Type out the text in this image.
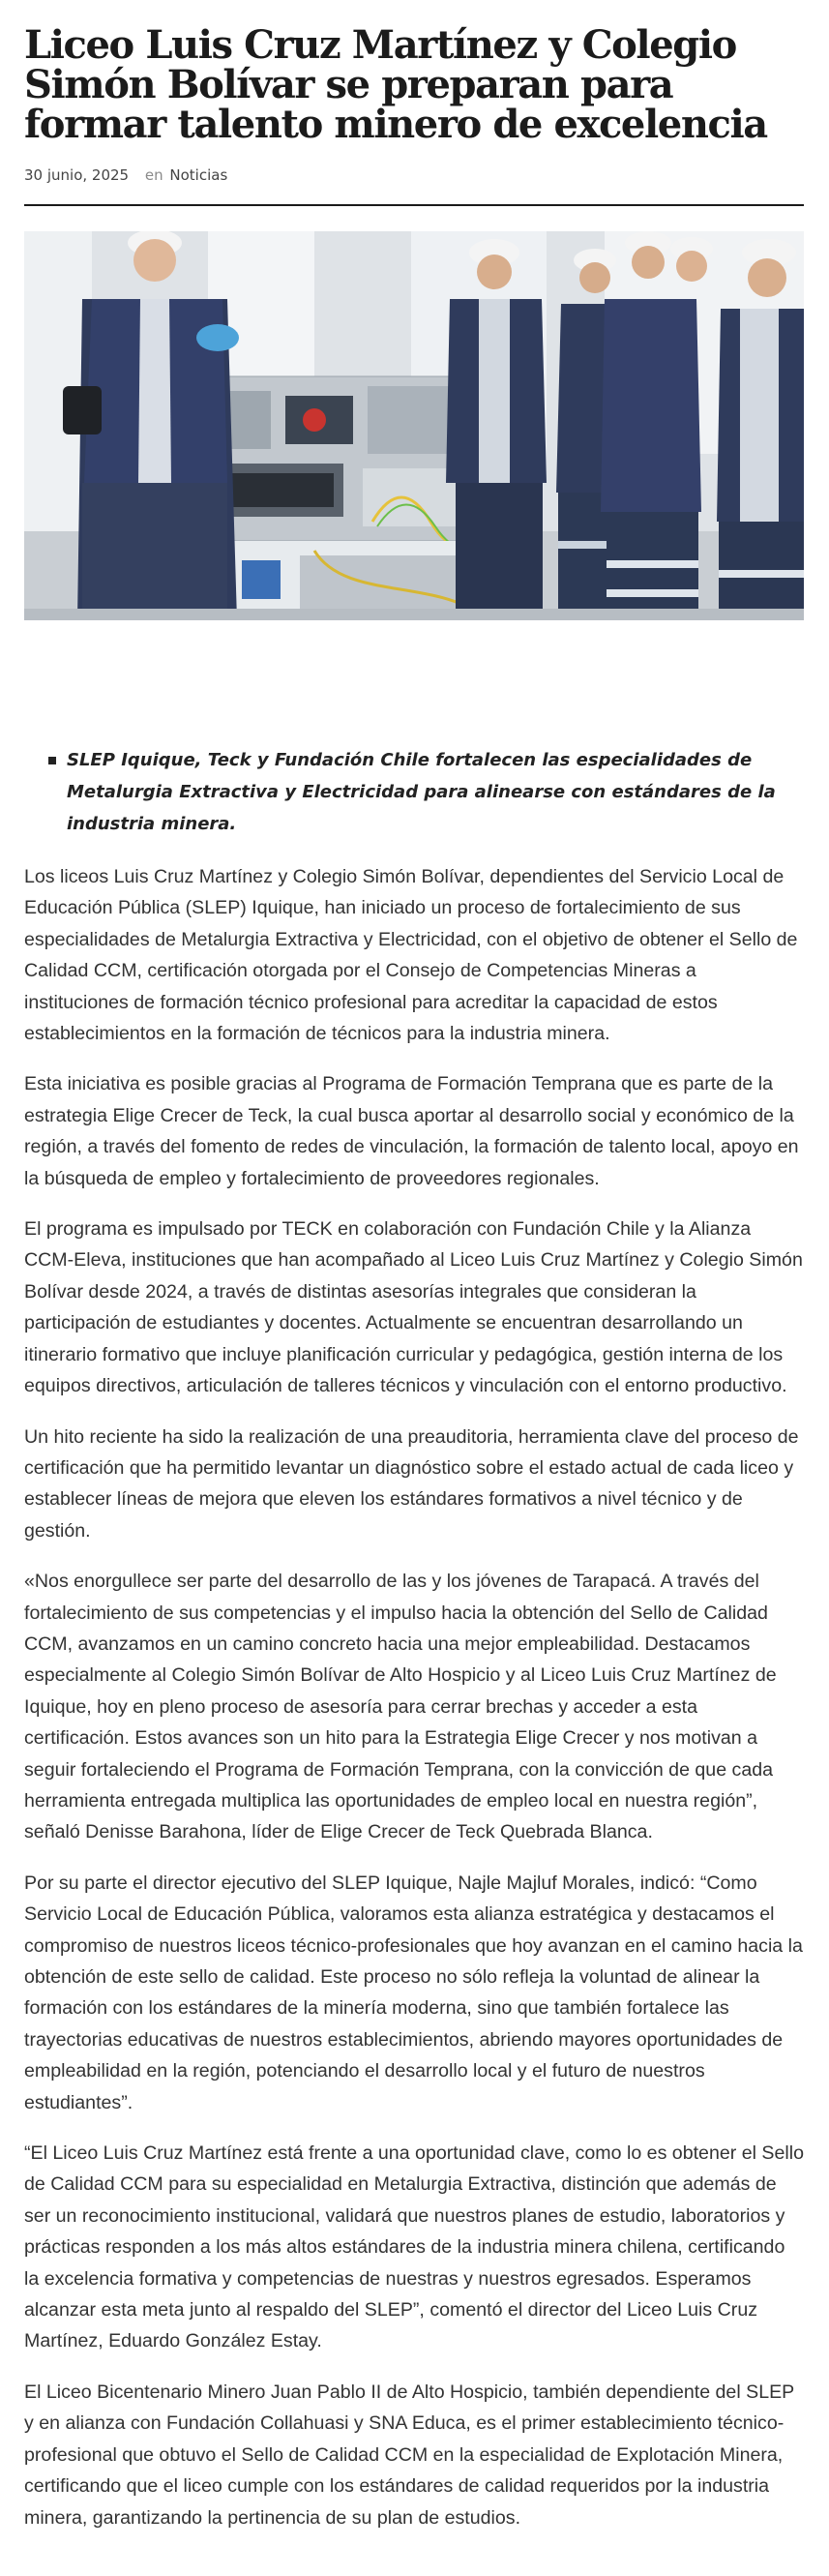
Liceo Luis Cruz Martínez y Colegio Simón Bolívar se preparan para formar talento minero de excelencia
30 junio, 2025 en Noticias
SLEP Iquique, Teck y Fundación Chile fortalecen las especialidades de Metalurgia Extractiva y Electricidad para alinearse con estándares de la industria minera.

Los liceos Luis Cruz Martínez y Colegio Simón Bolívar, dependientes del Servicio Local de Educación Pública (SLEP) Iquique, han iniciado un proceso de fortalecimiento de sus especialidades de Metalurgia Extractiva y Electricidad, con el objetivo de obtener el Sello de Calidad CCM, certificación otorgada por el Consejo de Competencias Mineras a instituciones de formación técnico profesional para acreditar la capacidad de estos establecimientos en la formación de técnicos para la industria minera.

Esta iniciativa es posible gracias al Programa de Formación Temprana que es parte de la estrategia Elige Crecer de Teck, la cual busca aportar al desarrollo social y económico de la región, a través del fomento de redes de vinculación, la formación de talento local, apoyo en la búsqueda de empleo y fortalecimiento de proveedores regionales.

El programa es impulsado por TECK en colaboración con Fundación Chile y la Alianza CCM-Eleva, instituciones que han acompañado al Liceo Luis Cruz Martínez y Colegio Simón Bolívar desde 2024, a través de distintas asesorías integrales que consideran la participación de estudiantes y docentes. Actualmente se encuentran desarrollando un itinerario formativo que incluye planificación curricular y pedagógica, gestión interna de los equipos directivos, articulación de talleres técnicos y vinculación con el entorno productivo.

Un hito reciente ha sido la realización de una preauditoria, herramienta clave del proceso de certificación que ha permitido levantar un diagnóstico sobre el estado actual de cada liceo y establecer líneas de mejora que eleven los estándares formativos a nivel técnico y de gestión.

«Nos enorgullece ser parte del desarrollo de las y los jóvenes de Tarapacá. A través del fortalecimiento de sus competencias y el impulso hacia la obtención del Sello de Calidad CCM, avanzamos en un camino concreto hacia una mejor empleabilidad. Destacamos especialmente al Colegio Simón Bolívar de Alto Hospicio y al Liceo Luis Cruz Martínez de Iquique, hoy en pleno proceso de asesoría para cerrar brechas y acceder a esta certificación. Estos avances son un hito para la Estrategia Elige Crecer y nos motivan a seguir fortaleciendo el Programa de Formación Temprana, con la convicción de que cada herramienta entregada multiplica las oportunidades de empleo local en nuestra región”, señaló Denisse Barahona, líder de Elige Crecer de Teck Quebrada Blanca.

Por su parte el director ejecutivo del SLEP Iquique, Najle Majluf Morales, indicó: “Como Servicio Local de Educación Pública, valoramos esta alianza estratégica y destacamos el compromiso de nuestros liceos técnico-profesionales que hoy avanzan en el camino hacia la obtención de este sello de calidad. Este proceso no sólo refleja la voluntad de alinear la formación con los estándares de la minería moderna, sino que también fortalece las trayectorias educativas de nuestros establecimientos, abriendo mayores oportunidades de empleabilidad en la región, potenciando el desarrollo local y el futuro de nuestros estudiantes”.

“El Liceo Luis Cruz Martínez está frente a una oportunidad clave, como lo es obtener el Sello de Calidad CCM para su especialidad en Metalurgia Extractiva, distinción que además de ser un reconocimiento institucional, validará que nuestros planes de estudio, laboratorios y prácticas responden a los más altos estándares de la industria minera chilena, certificando la excelencia formativa y competencias de nuestras y nuestros egresados. Esperamos alcanzar esta meta junto al respaldo del SLEP”, comentó el director del Liceo Luis Cruz Martínez, Eduardo González Estay.

El Liceo Bicentenario Minero Juan Pablo II de Alto Hospicio, también dependiente del SLEP y en alianza con Fundación Collahuasi y SNA Educa, es el primer establecimiento técnico-profesional que obtuvo el Sello de Calidad CCM en la especialidad de Explotación Minera, certificando que el liceo cumple con los estándares de calidad requeridos por la industria minera, garantizando la pertinencia de su plan de estudios.
